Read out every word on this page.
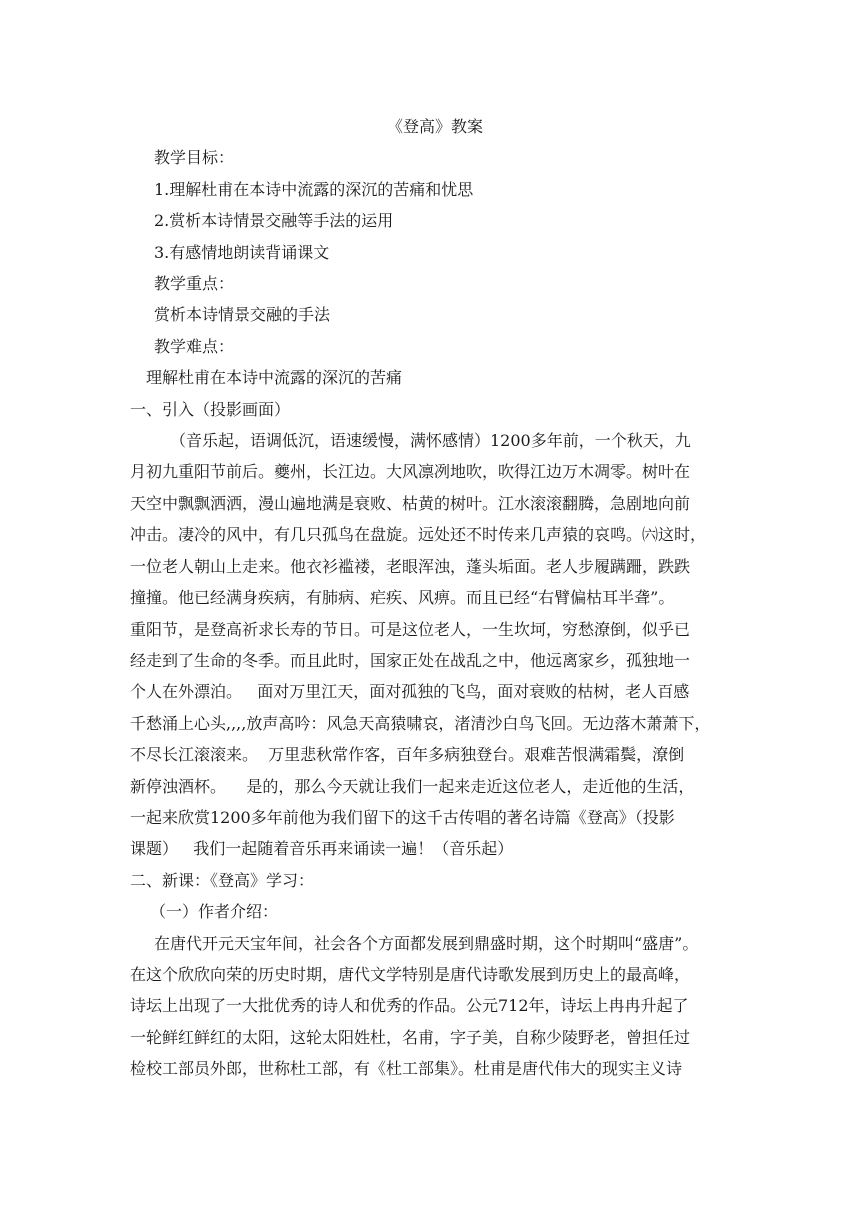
《登高》教案
教学目标：
1.理解杜甫在本诗中流露的深沉的苦痛和忧思
2.赏析本诗情景交融等手法的运用
3.有感情地朗读背诵课文
教学重点：
赏析本诗情景交融的手法
教学难点：
理解杜甫在本诗中流露的深沉的苦痛
一、引入（投影画面）
（音乐起，语调低沉，语速缓慢，满怀感情）1200多年前，一个秋天，九
月初九重阳节前后。夔州，长江边。大风凛冽地吹，吹得江边万木凋零。树叶在
天空中飘飘洒洒，漫山遍地满是衰败、枯黄的树叶。江水滚滚翻腾，急剧地向前
冲击。凄冷的风中，有几只孤鸟在盘旋。远处还不时传来几声猿的哀鸣。㈥这时，
一位老人朝山上走来。他衣衫褴褛，老眼浑浊，蓬头垢面。老人步履蹒跚，跌跌
撞撞。他已经满身疾病，有肺病、疟疾、风痹。而且已经“右臂偏枯耳半聋”。
重阳节，是登高祈求长寿的节日。可是这位老人，一生坎坷，穷愁潦倒，似乎已
经走到了生命的冬季。而且此时，国家正处在战乱之中，他远离家乡，孤独地一
个人在外漂泊。   面对万里江天，面对孤独的飞鸟，面对衰败的枯树，老人百感
千愁涌上心头,,,,放声高吟：风急天高猿啸哀，渚清沙白鸟飞回。无边落木萧萧下，
不尽长江滚滚来。  万里悲秋常作客，百年多病独登台。艰难苦恨满霜鬓，潦倒
新停浊酒杯。    是的，那么今天就让我们一起来走近这位老人，走近他的生活，
一起来欣赏1200多年前他为我们留下的这千古传唱的著名诗篇《登高》（投影
课题）   我们一起随着音乐再来诵读一遍！（音乐起）
二、新课：《登高》学习：
（一）作者介绍：
在唐代开元天宝年间，社会各个方面都发展到鼎盛时期，这个时期叫“盛唐”。
在这个欣欣向荣的历史时期，唐代文学特别是唐代诗歌发展到历史上的最高峰，
诗坛上出现了一大批优秀的诗人和优秀的作品。公元712年，诗坛上冉冉升起了
一轮鲜红鲜红的太阳，这轮太阳姓杜，名甫，字子美，自称少陵野老，曾担任过
检校工部员外郎，世称杜工部，有《杜工部集》。杜甫是唐代伟大的现实主义诗
